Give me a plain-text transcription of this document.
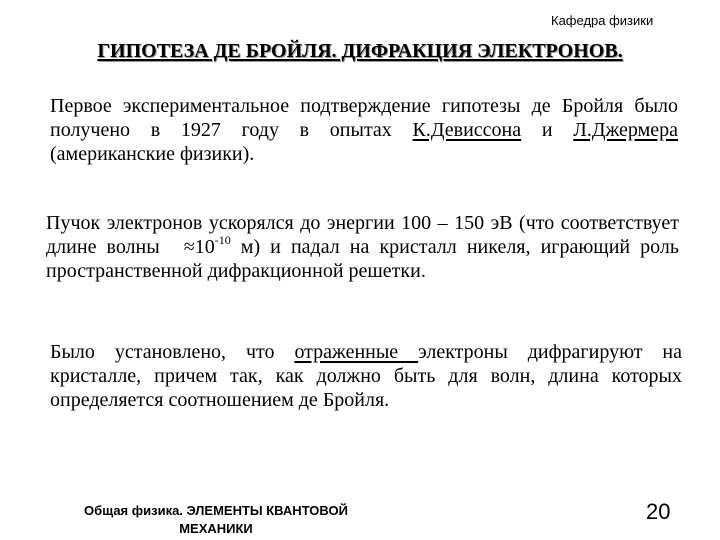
Кафедра физики
ГИПОТЕЗА ДЕ БРОЙЛЯ. ДИФРАКЦИЯ ЭЛЕКТРОНОВ.
Первое экспериментальное подтверждение гипотезы де Бройля было получено в 1927 году в опытах К.Девиссона и Л.Джермера (американские физики).
Пучок электронов ускорялся до энергии 100 – 150 эВ (что соответствует длине волны $\approx 10^{-10}$ м) и падал на кристалл никеля, играющий роль пространственной дифракционной решетки.
Было установлено, что отраженные электроны дифрагируют на кристалле, причем так, как должно быть для волн, длина которых определяется соотношением де Бройля.
Общая физика. ЭЛЕМЕНТЫ КВАНТОВОЙ
МЕХАНИКИ
20
